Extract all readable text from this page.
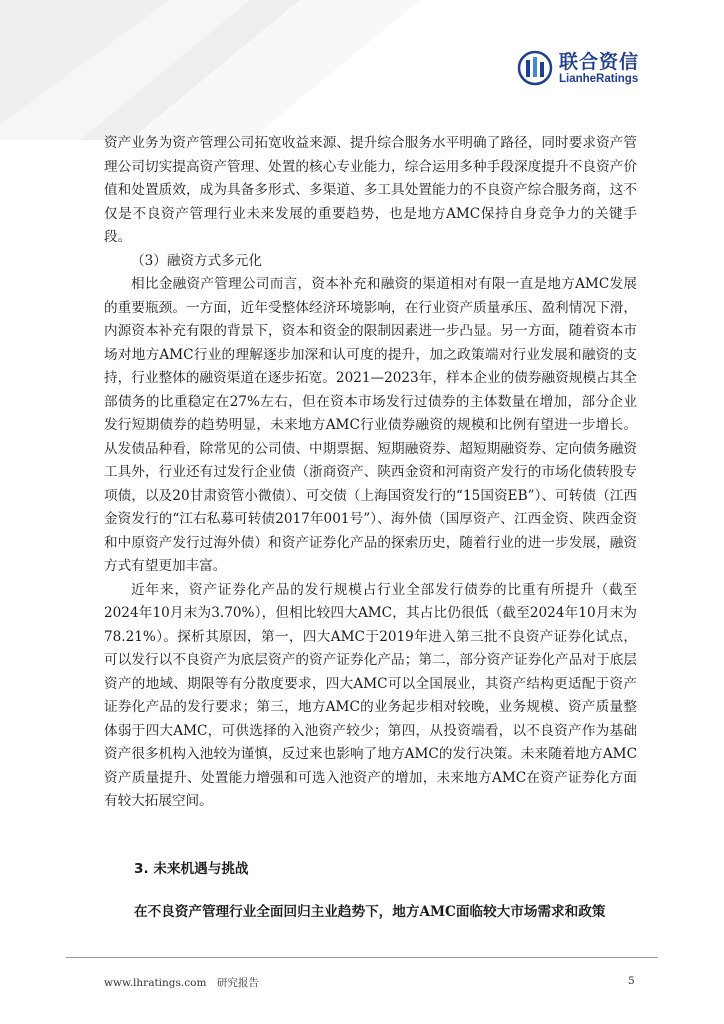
联合资信
LianheRatings

资产业务为资产管理公司拓宽收益来源、提升综合服务水平明确了路径，同时要求资产管理公司切实提高资产管理、处置的核心专业能力，综合运用多种手段深度提升不良资产价值和处置质效，成为具备多形式、多渠道、多工具处置能力的不良资产综合服务商，这不仅是不良资产管理行业未来发展的重要趋势，也是地方AMC保持自身竞争力的关键手段。

（3）融资方式多元化

相比金融资产管理公司而言，资本补充和融资的渠道相对有限一直是地方AMC发展的重要瓶颈。一方面，近年受整体经济环境影响，在行业资产质量承压、盈利情况下滑，内源资本补充有限的背景下，资本和资金的限制因素进一步凸显。另一方面，随着资本市场对地方AMC行业的理解逐步加深和认可度的提升，加之政策端对行业发展和融资的支持，行业整体的融资渠道在逐步拓宽。2021—2023年，样本企业的债券融资规模占其全部债务的比重稳定在27%左右，但在资本市场发行过债券的主体数量在增加，部分企业发行短期债券的趋势明显，未来地方AMC行业债券融资的规模和比例有望进一步增长。从发债品种看，除常见的公司债、中期票据、短期融资券、超短期融资券、定向债务融资工具外，行业还有过发行企业债（浙商资产、陕西金资和河南资产发行的市场化债转股专项债，以及20甘肃资管小微债）、可交债（上海国资发行的“15国资EB”）、可转债（江西金资发行的“江右私募可转债2017年001号”）、海外债（国厚资产、江西金资、陕西金资和中原资产发行过海外债）和资产证券化产品的探索历史，随着行业的进一步发展，融资方式有望更加丰富。

近年来，资产证券化产品的发行规模占行业全部发行债券的比重有所提升（截至2024年10月末为3.70%），但相比较四大AMC，其占比仍很低（截至2024年10月末为78.21%）。探析其原因，第一，四大AMC于2019年进入第三批不良资产证券化试点，可以发行以不良资产为底层资产的资产证券化产品；第二，部分资产证券化产品对于底层资产的地域、期限等有分散度要求，四大AMC可以全国展业，其资产结构更适配于资产证券化产品的发行要求；第三，地方AMC的业务起步相对较晚，业务规模、资产质量整体弱于四大AMC，可供选择的入池资产较少；第四，从投资端看，以不良资产作为基础资产很多机构入池较为谨慎，反过来也影响了地方AMC的发行决策。未来随着地方AMC资产质量提升、处置能力增强和可选入池资产的增加，未来地方AMC在资产证券化方面有较大拓展空间。

3. 未来机遇与挑战
在不良资产管理行业全面回归主业趋势下，地方AMC面临较大市场需求和政策
www.lhratings.com　研究报告	5
